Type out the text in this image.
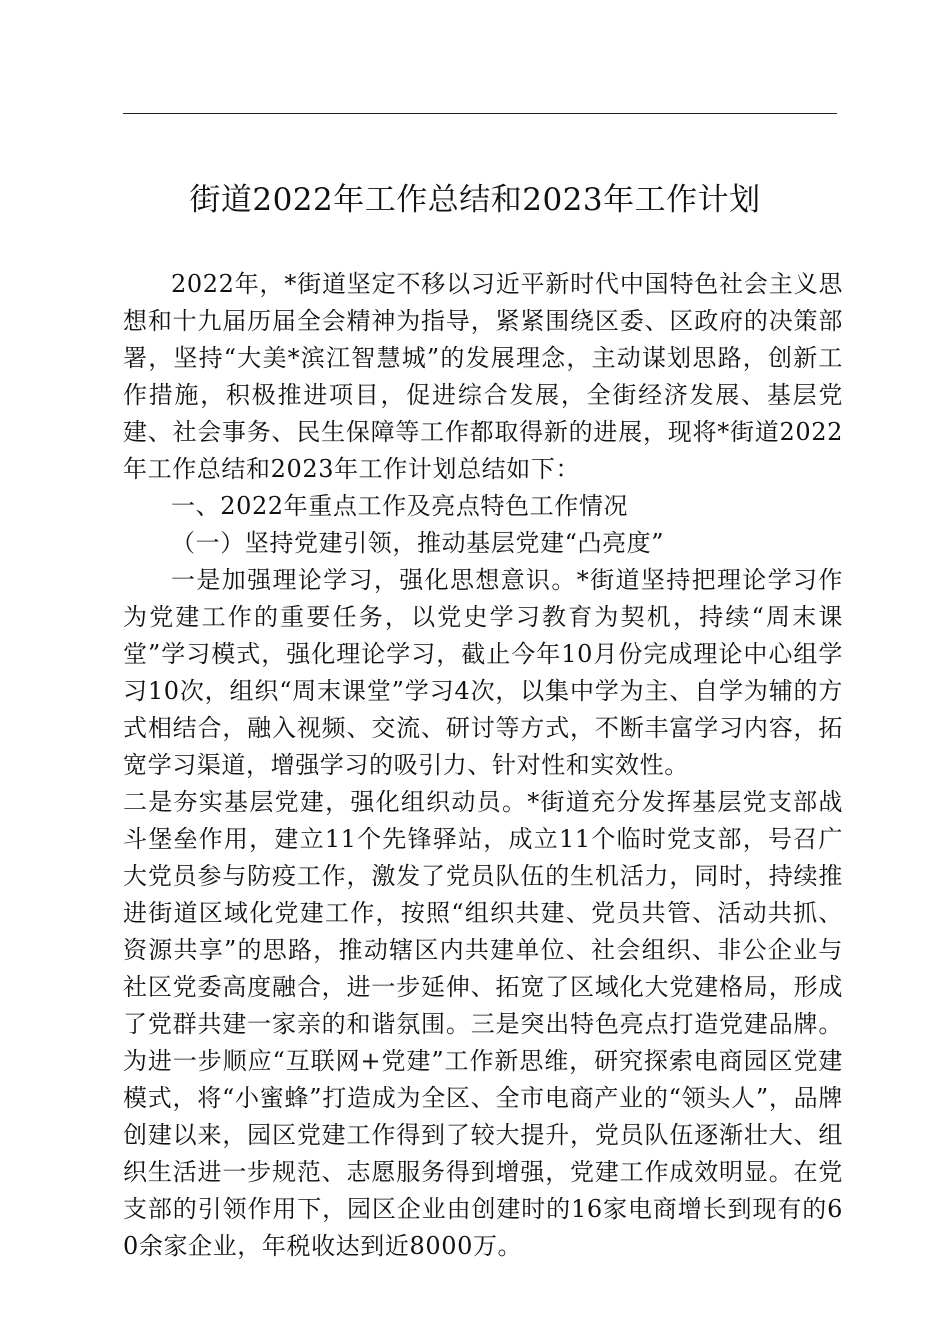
街道2022年工作总结和2023年工作计划

2022年，*街道坚定不移以习近平新时代中国特色社会主义思想和十九届历届全会精神为指导，紧紧围绕区委、区政府的决策部署，坚持“大美*滨江智慧城”的发展理念，主动谋划思路，创新工作措施，积极推进项目，促进综合发展，全街经济发展、基层党建、社会事务、民生保障等工作都取得新的进展，现将*街道2022年工作总结和2023年工作计划总结如下：

一、2022年重点工作及亮点特色工作情况

（一）坚持党建引领，推动基层党建“凸亮度”

一是加强理论学习，强化思想意识。*街道坚持把理论学习作为党建工作的重要任务，以党史学习教育为契机，持续“周末课堂”学习模式，强化理论学习，截止今年10月份完成理论中心组学习10次，组织“周末课堂”学习4次，以集中学为主、自学为辅的方式相结合，融入视频、交流、研讨等方式，不断丰富学习内容，拓宽学习渠道，增强学习的吸引力、针对性和实效性。

二是夯实基层党建，强化组织动员。*街道充分发挥基层党支部战斗堡垒作用，建立11个先锋驿站，成立11个临时党支部，号召广大党员参与防疫工作，激发了党员队伍的生机活力，同时，持续推进街道区域化党建工作，按照“组织共建、党员共管、活动共抓、资源共享”的思路，推动辖区内共建单位、社会组织、非公企业与社区党委高度融合，进一步延伸、拓宽了区域化大党建格局，形成了党群共建一家亲的和谐氛围。三是突出特色亮点打造党建品牌。为进一步顺应“互联网+党建”工作新思维，研究探索电商园区党建模式，将“小蜜蜂”打造成为全区、全市电商产业的“领头人”，品牌创建以来，园区党建工作得到了较大提升，党员队伍逐渐壮大、组织生活进一步规范、志愿服务得到增强，党建工作成效明显。在党支部的引领作用下，园区企业由创建时的16家电商增长到现有的60余家企业，年税收达到近8000万。
